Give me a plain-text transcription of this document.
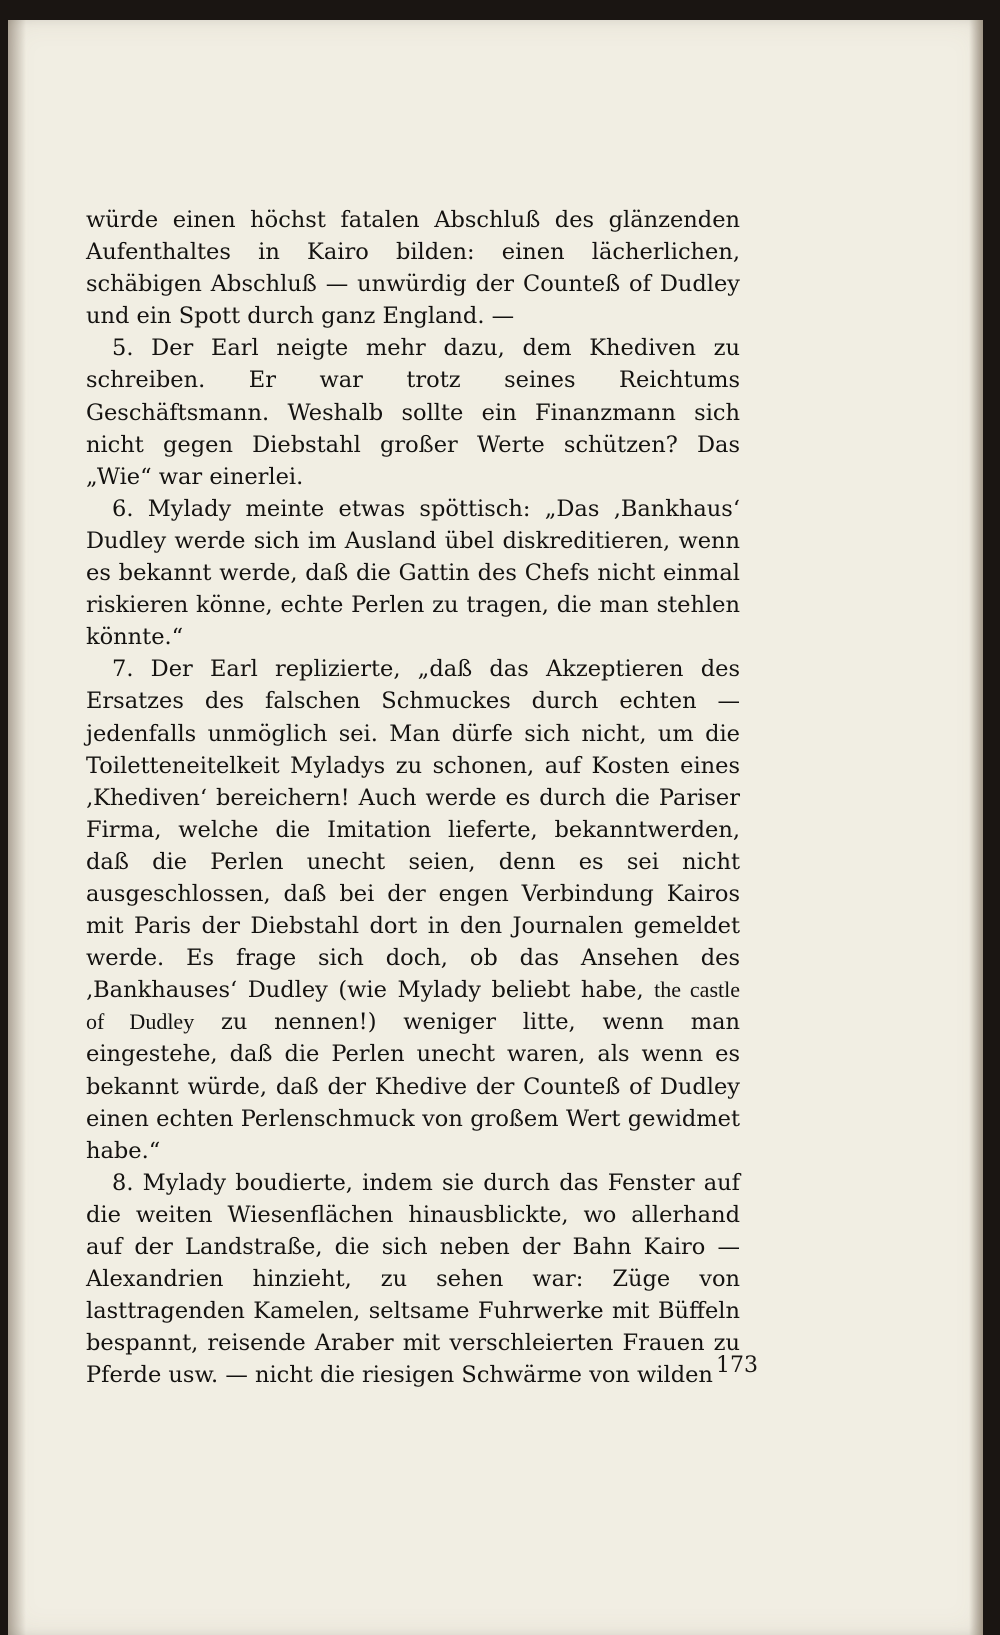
würde einen höchst fatalen Abschluß des glänzenden Aufenthaltes in Kairo bilden: einen lächerlichen, schäbigen Abschluß — unwürdig der Counteß of Dudley und ein Spott durch ganz England. —

5. Der Earl neigte mehr dazu, dem Khediven zu schreiben. Er war trotz seines Reichtums Geschäftsmann. Weshalb sollte ein Finanzmann sich nicht gegen Diebstahl großer Werte schützen? Das „Wie“ war einerlei.

6. Mylady meinte etwas spöttisch: „Das ‚Bankhaus‘ Dudley werde sich im Ausland übel diskreditieren, wenn es bekannt werde, daß die Gattin des Chefs nicht einmal riskieren könne, echte Perlen zu tragen, die man stehlen könnte.“

7. Der Earl replizierte, „daß das Akzeptieren des Ersatzes des falschen Schmuckes durch echten — jedenfalls unmöglich sei. Man dürfe sich nicht, um die Toiletteneitelkeit Myladys zu schonen, auf Kosten eines ‚Khediven‘ bereichern! Auch werde es durch die Pariser Firma, welche die Imitation lieferte, bekanntwerden, daß die Perlen unecht seien, denn es sei nicht ausgeschlossen, daß bei der engen Verbindung Kairos mit Paris der Diebstahl dort in den Journalen gemeldet werde. Es frage sich doch, ob das Ansehen des ‚Bankhauses‘ Dudley (wie Mylady beliebt habe, the castle of Dudley zu nennen!) weniger litte, wenn man eingestehe, daß die Perlen unecht waren, als wenn es bekannt würde, daß der Khedive der Counteß of Dudley einen echten Perlenschmuck von großem Wert gewidmet habe.“

8. Mylady boudierte, indem sie durch das Fenster auf die weiten Wiesenflächen hinausblickte, wo allerhand auf der Landstraße, die sich neben der Bahn Kairo — Alexandrien hinzieht, zu sehen war: Züge von lasttragenden Kamelen, seltsame Fuhrwerke mit Büffeln bespannt, reisende Araber mit verschleierten Frauen zu Pferde usw. — nicht die riesigen Schwärme von wilden 173
